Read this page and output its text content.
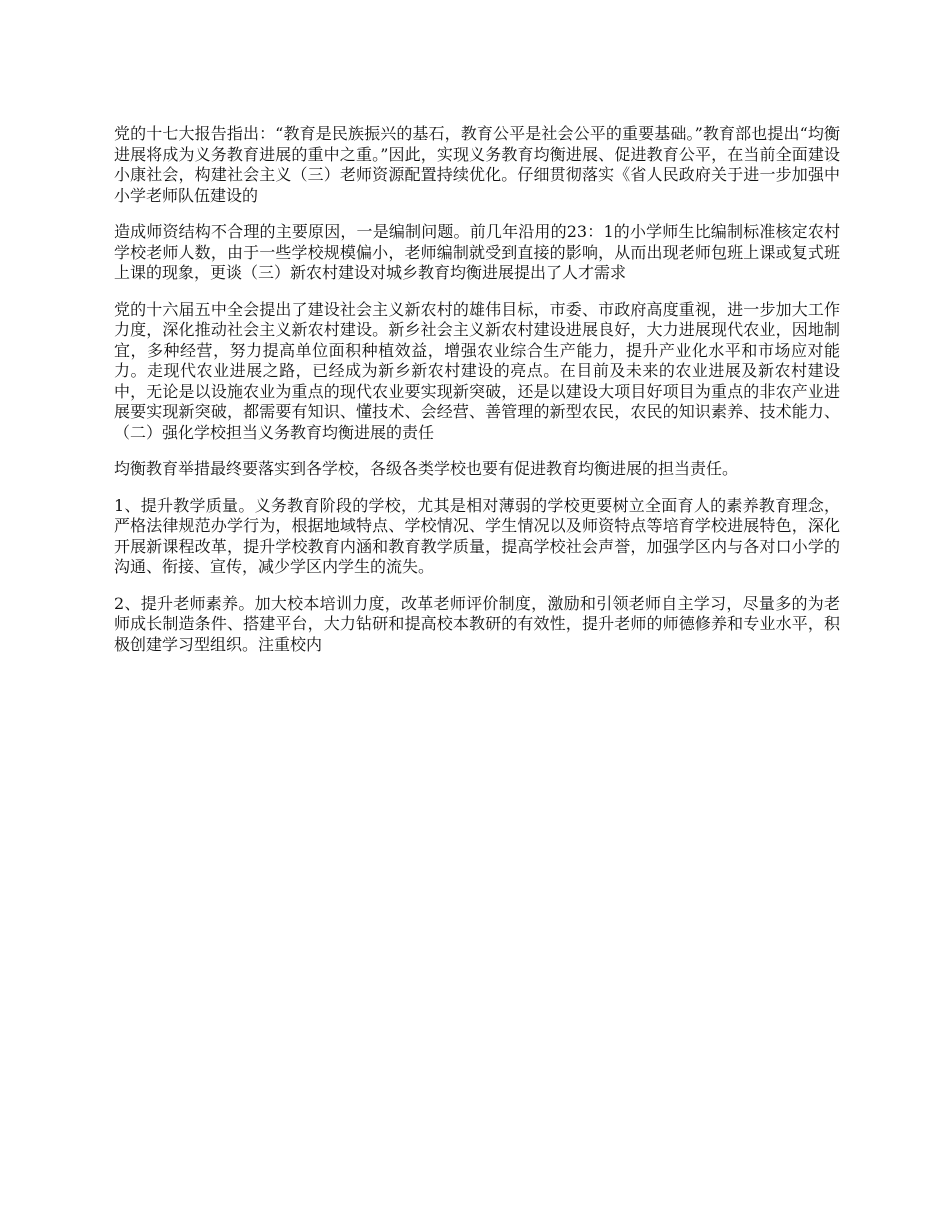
党的十七大报告指出：“教育是民族振兴的基石，教育公平是社会公平的重要基础。”教育部也提出“均衡进展将成为义务教育进展的重中之重。”因此，实现义务教育均衡进展、促进教育公平，在当前全面建设小康社会，构建社会主义（三）老师资源配置持续优化。仔细贯彻落实《省人民政府关于进一步加强中小学老师队伍建设的

造成师资结构不合理的主要原因，一是编制问题。前几年沿用的23：1的小学师生比编制标准核定农村学校老师人数，由于一些学校规模偏小，老师编制就受到直接的影响，从而出现老师包班上课或复式班上课的现象，更谈（三）新农村建设对城乡教育均衡进展提出了人才需求

党的十六届五中全会提出了建设社会主义新农村的雄伟目标，市委、市政府高度重视，进一步加大工作力度，深化推动社会主义新农村建设。新乡社会主义新农村建设进展良好，大力进展现代农业，因地制宜，多种经营，努力提高单位面积种植效益，增强农业综合生产能力，提升产业化水平和市场应对能力。走现代农业进展之路，已经成为新乡新农村建设的亮点。在目前及未来的农业进展及新农村建设中，无论是以设施农业为重点的现代农业要实现新突破，还是以建设大项目好项目为重点的非农产业进展要实现新突破，都需要有知识、懂技术、会经营、善管理的新型农民，农民的知识素养、技术能力、（二）强化学校担当义务教育均衡进展的责任

均衡教育举措最终要落实到各学校，各级各类学校也要有促进教育均衡进展的担当责任。

1、提升教学质量。义务教育阶段的学校，尤其是相对薄弱的学校更要树立全面育人的素养教育理念，严格法律规范办学行为，根据地域特点、学校情况、学生情况以及师资特点等培育学校进展特色，深化开展新课程改革，提升学校教育内涵和教育教学质量，提高学校社会声誉，加强学区内与各对口小学的沟通、衔接、宣传，减少学区内学生的流失。

2、提升老师素养。加大校本培训力度，改革老师评价制度，激励和引领老师自主学习，尽量多的为老师成长制造条件、搭建平台，大力钻研和提高校本教研的有效性，提升老师的师德修养和专业水平，积极创建学习型组织。注重校内
